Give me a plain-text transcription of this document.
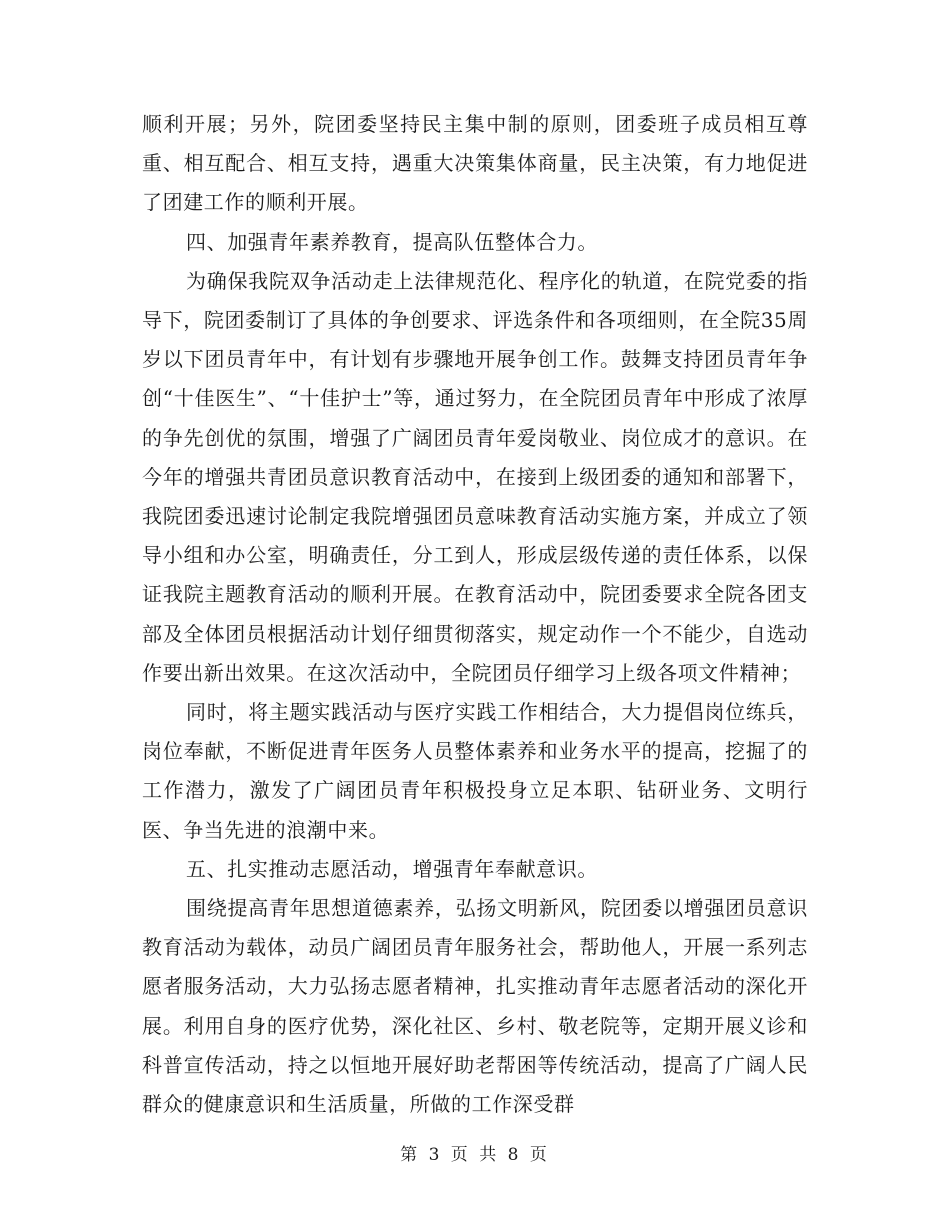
顺利开展；另外，院团委坚持民主集中制的原则，团委班子成员相互尊重、相互配合、相互支持，遇重大决策集体商量，民主决策，有力地促进了团建工作的顺利开展。

四、加强青年素养教育，提高队伍整体合力。

为确保我院双争活动走上法律规范化、程序化的轨道，在院党委的指导下，院团委制订了具体的争创要求、评选条件和各项细则，在全院35周岁以下团员青年中，有计划有步骤地开展争创工作。鼓舞支持团员青年争创“十佳医生”、“十佳护士”等，通过努力，在全院团员青年中形成了浓厚的争先创优的氛围，增强了广阔团员青年爱岗敬业、岗位成才的意识。在今年的增强共青团员意识教育活动中，在接到上级团委的通知和部署下，我院团委迅速讨论制定我院增强团员意味教育活动实施方案，并成立了领导小组和办公室，明确责任，分工到人，形成层级传递的责任体系，以保证我院主题教育活动的顺利开展。在教育活动中，院团委要求全院各团支部及全体团员根据活动计划仔细贯彻落实，规定动作一个不能少，自选动作要出新出效果。在这次活动中，全院团员仔细学习上级各项文件精神；

同时，将主题实践活动与医疗实践工作相结合，大力提倡岗位练兵，岗位奉献，不断促进青年医务人员整体素养和业务水平的提高，挖掘了的工作潜力，激发了广阔团员青年积极投身立足本职、钻研业务、文明行医、争当先进的浪潮中来。

五、扎实推动志愿活动，增强青年奉献意识。

围绕提高青年思想道德素养，弘扬文明新风，院团委以增强团员意识教育活动为载体，动员广阔团员青年服务社会，帮助他人，开展一系列志愿者服务活动，大力弘扬志愿者精神，扎实推动青年志愿者活动的深化开展。利用自身的医疗优势，深化社区、乡村、敬老院等，定期开展义诊和科普宣传活动，持之以恒地开展好助老帮困等传统活动，提高了广阔人民群众的健康意识和生活质量，所做的工作深受群

第 3 页 共 8 页
